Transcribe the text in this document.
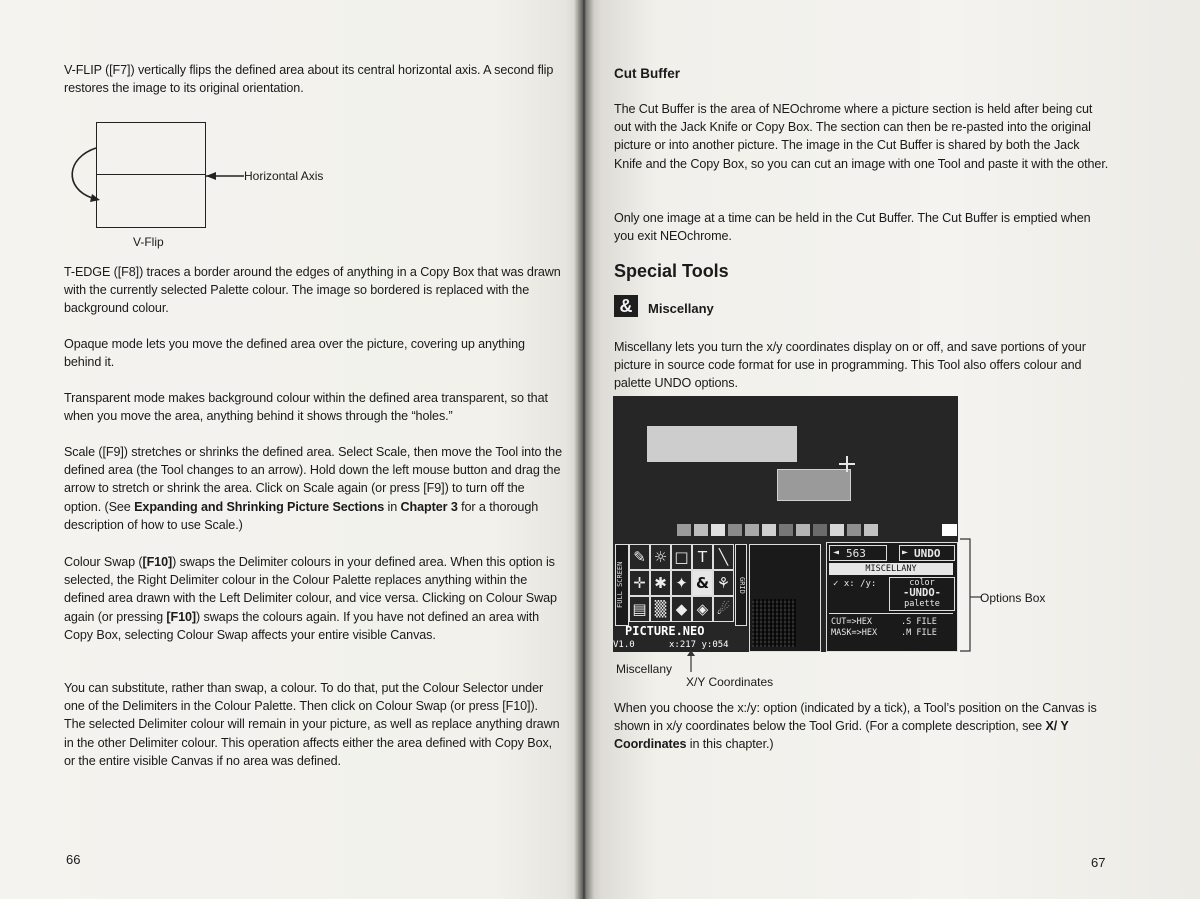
V-FLIP ([F7]) vertically flips the defined area about its central horizontal axis. A second flip restores the image to its original orientation.

Horizontal Axis
V-Flip

T-EDGE ([F8]) traces a border around the edges of anything in a Copy Box that was drawn with the currently selected Palette colour. The image so bordered is replaced with the background colour.

Opaque mode lets you move the defined area over the picture, covering up anything behind it.

Transparent mode makes background colour within the defined area transparent, so that when you move the area, anything behind it shows through the “holes.”

Scale ([F9]) stretches or shrinks the defined area. Select Scale, then move the Tool into the defined area (the Tool changes to an arrow). Hold down the left mouse button and drag the arrow to stretch or shrink the area. Click on Scale again (or press [F9]) to turn off the option. (See Expanding and Shrinking Picture Sections in Chapter 3 for a thorough description of how to use Scale.)

Colour Swap ([F10]) swaps the Delimiter colours in your defined area. When this option is selected, the Right Delimiter colour in the Colour Palette replaces anything within the defined area drawn with the Left Delimiter colour, and vice versa. Clicking on Colour Swap again (or pressing [F10]) swaps the colours again. If you have not defined an area with Copy Box, selecting Colour Swap affects your entire visible Canvas.

You can substitute, rather than swap, a colour. To do that, put the Colour Selector under one of the Delimiters in the Colour Palette. Then click on Colour Swap (or press [F10]). The selected Delimiter colour will remain in your picture, as well as replace anything drawn in the other Delimiter colour. This operation affects either the area defined with Copy Box, or the entire visible Canvas if no area was defined.

66
Cut Buffer

The Cut Buffer is the area of NEOchrome where a picture section is held after being cut out with the Jack Knife or Copy Box. The section can then be re-pasted into the original picture or into another picture. The image in the Cut Buffer is shared by both the Jack Knife and the Copy Box, so you can cut an image with one Tool and paste it with the other.

Only one image at a time can be held in the Cut Buffer. The Cut Buffer is emptied when you exit NEOchrome.

Special Tools
&	Miscellany

Miscellany lets you turn the x/y coordinates display on or off, and save portions of your picture in source code format for use in programming. This Tool also offers colour and palette UNDO options.

FULL SCREEN
✎ ☼ □ T ╲
✛ ✱ ✦ & ⚘
▤ ▒ ◆ ◈ ☄
GRID
◄ 563	► UNDO
MISCELLANY
✓ x: /y:	color
-UNDO-
palette
CUT=>HEX	.S FILE
MASK=>HEX	.M FILE
PICTURE.NEO
V1.0	x:217 y:054
Options Box
Miscellany
X/Y Coordinates

When you choose the x:/y: option (indicated by a tick), a Tool’s position on the Canvas is shown in x/y coordinates below the Tool Grid. (For a complete description, see X/ Y Coordinates in this chapter.)

67
